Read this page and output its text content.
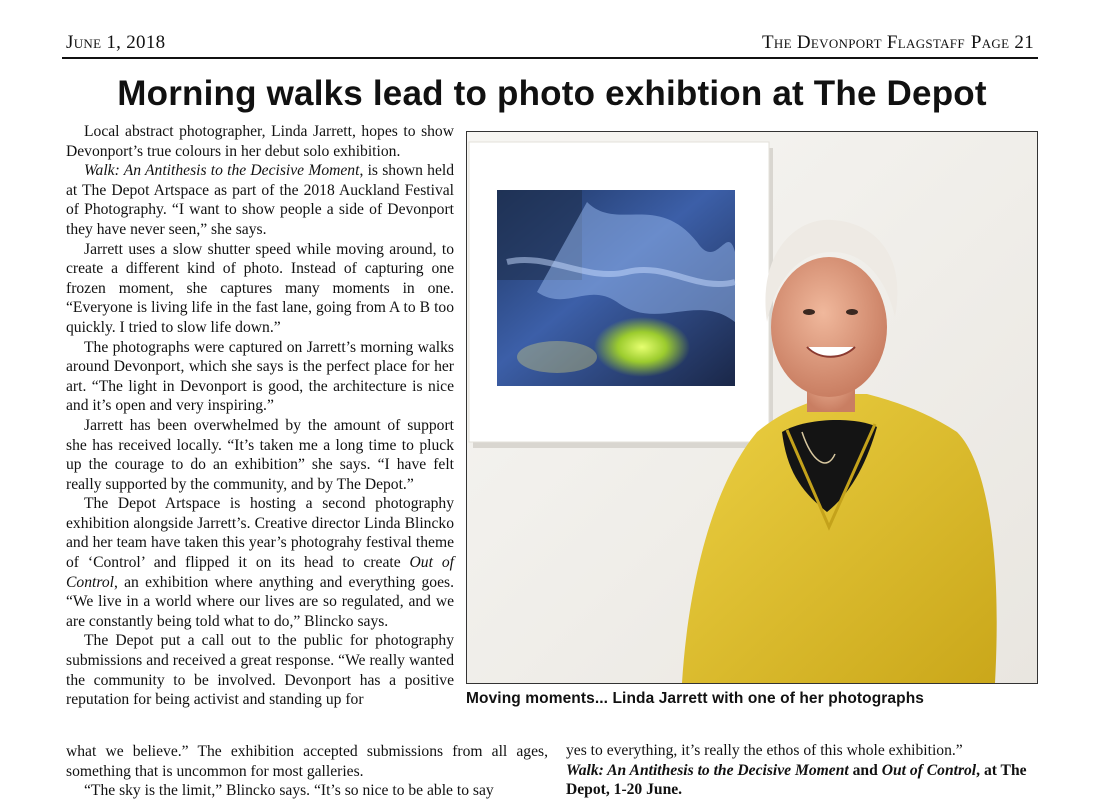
June 1, 2018	The Devonport Flagstaff Page 21
Morning walks lead to photo exhibtion at The Depot

Local abstract photographer, Linda Jarrett, hopes to show Devonport’s true colours in her debut solo exhibition.

Walk: An Antithesis to the Decisive Moment, is shown held at The Depot Artspace as part of the 2018 Auckland Festival of Photography. “I want to show people a side of Devonport they have never seen,” she says.

Jarrett uses a slow shutter speed while moving around, to create a different kind of photo. Instead of capturing one frozen moment, she captures many moments in one. “Everyone is living life in the fast lane, going from A to B too quickly. I tried to slow life down.”

The photographs were captured on Jarrett’s morning walks around Devonport, which she says is the perfect place for her art. “The light in Devonport is good, the architecture is nice and it’s open and very inspiring.”

Jarrett has been overwhelmed by the amount of support she has received locally. “It’s taken me a long time to pluck up the courage to do an exhibition” she says. “I have felt really supported by the community, and by The Depot.”

The Depot Artspace is hosting a second photography exhibition alongside Jarrett’s. Creative director Linda Blincko and her team have taken this year’s photograhy festival theme of ‘Control’ and flipped it on its head to create Out of Control, an exhibition where anything and everything goes. “We live in a world where our lives are so regulated, and we are constantly being told what to do,” Blincko says.

The Depot put a call out to the public for photography submissions and received a great response. “We really wanted the community to be involved. Devonport has a positive reputation for being activist and standing up for

what we believe.” The exhibition accepted submissions from all ages, something that is uncommon for most galleries.

“The sky is the limit,” Blincko says. “It’s so nice to be able to say

yes to everything, it’s really the ethos of this whole exhibition.”

Walk: An Antithesis to the Decisive Moment and Out of Control, at The Depot, 1-20 June.

Moving moments... Linda Jarrett with one of her photographs
